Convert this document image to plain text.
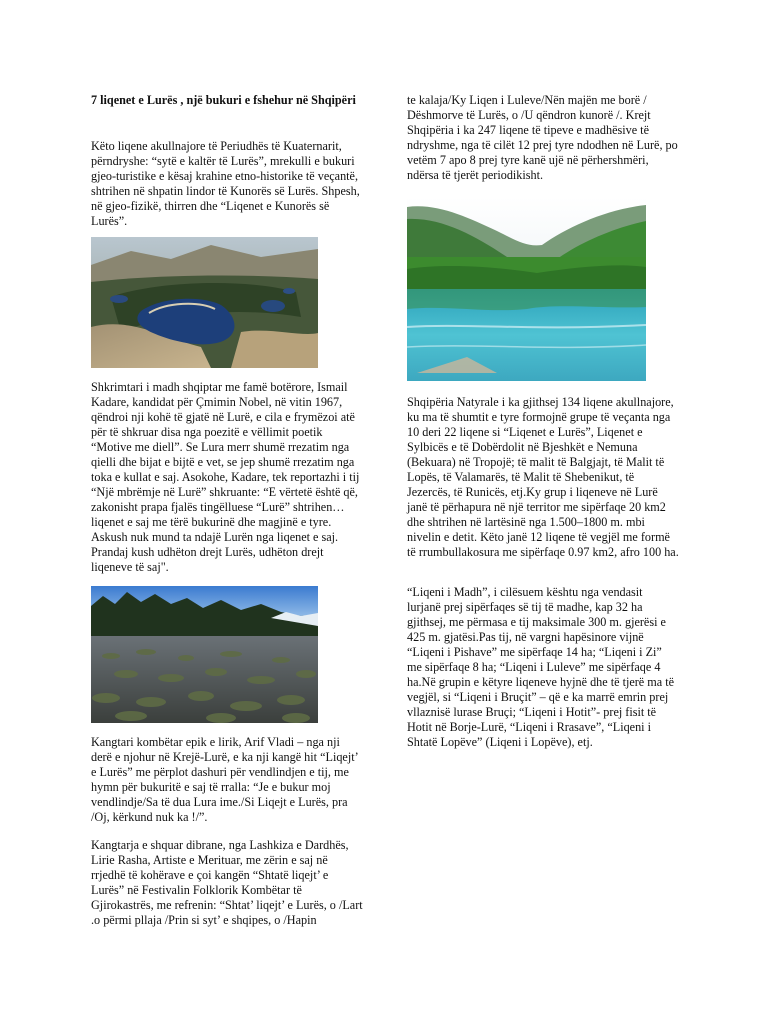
7 liqenet e Lurës , një bukuri e fshehur në Shqipëri

Këto liqene akullnajore të Periudhës të Kuaternarit, përndryshe: “sytë e kaltër të Lurës”, mrekulli e bukuri gjeo-turistike e kësaj krahine etno-historike të veçantë, shtrihen në shpatin lindor të Kunorës së Lurës. Shpesh, në gjeo-fizikë, thirren dhe “Liqenet e Kunorës së Lurës”.

Shkrimtari i madh shqiptar me famë botërore, Ismail Kadare, kandidat për Çmimin Nobel, në vitin 1967, qëndroi nji kohë të gjatë në Lurë, e cila e frymëzoi atë për të shkruar disa nga poezitë e vëllimit poetik “Motive me diell”. Se Lura merr shumë rrezatim nga qielli dhe bijat e bijtë e vet, se jep shumë rrezatim nga toka e kullat e saj. Asokohe, Kadare, tek reportazhi i tij “Një mbrëmje në Lurë” shkruante: “E vërtetë është që, zakonisht prapa fjalës tingëlluese “Lurë” shtrihen…liqenet e saj me tërë bukurinë dhe magjinë e tyre. Askush nuk mund ta ndajë Lurën nga liqenet e saj. Prandaj kush udhëton drejt Lurës, udhëton drejt liqeneve të saj".

Kangtari kombëtar epik e lirik, Arif Vladi – nga nji derë e njohur në Krejë-Lurë, e ka nji kangë hit “Liqejt’ e Lurës” me përplot dashuri për vendlindjen e tij, me hymn për bukuritë e saj të rralla: “Je e bukur moj vendlindje/Sa të dua Lura ime./Si Liqejt e Lurës, pra /Oj, kërkund nuk ka !/”.

Kangtarja e shquar dibrane, nga Lashkiza e Dardhës, Lirie Rasha, Artiste e Merituar, me zërin e saj në rrjedhë të kohërave e çoi kangën “Shtatë liqejt’ e Lurës” në Festivalin Folklorik Kombëtar të Gjirokastrës, me refrenin: “Shtat’ liqejt’ e Lurës, o /Lart .o përmi pllaja /Prin si syt’ e shqipes, o /Hapin

te kalaja/Ky Liqen i Luleve/Nën majën me borë / Dëshmorve të Lurës, o /U qëndron kunorë /. Krejt Shqipëria i ka 247 liqene të tipeve e madhësive të ndryshme, nga të cilët 12 prej tyre ndodhen në Lurë, po vetëm 7 apo 8 prej tyre kanë ujë në përhershmëri, ndërsa të tjerët periodikisht.

Shqipëria Natyrale i ka gjithsej 134 liqene akullnajore, ku ma të shumtit e tyre formojnë grupe të veçanta nga 10 deri 22 liqene si “Liqenet e Lurës”, Liqenet e Sylbicës e të Dobërdolit në Bjeshkët e Nemuna (Bekuara) në Tropojë; të malit të Balgjajt, të Malit të Lopës, të Valamarës, të Malit të Shebenikut, të Jezercës, të Runicës, etj.Ky grup i liqeneve në Lurë janë të përhapura në një territor me sipërfaqe 20 km2 dhe shtrihen në lartësinë nga 1.500–1800 m. mbi nivelin e detit. Këto janë 12 liqene të vegjël me formë të rrumbullakosura me sipërfaqe 0.97 km2, afro 100 ha.

“Liqeni i Madh”, i cilësuem kështu nga vendasit lurjanë prej sipërfaqes së tij të madhe, kap 32 ha gjithsej, me përmasa e tij maksimale 300 m. gjerësi e 425 m. gjatësi.Pas tij, në vargni hapësinore vijnë “Liqeni i Pishave” me sipërfaqe 14 ha; “Liqeni i Zi” me sipërfaqe 8 ha; “Liqeni i Luleve” me sipërfaqe 4 ha.Në grupin e këtyre liqeneve hyjnë dhe të tjerë ma të vegjël, si “Liqeni i Bruçit” – që e ka marrë emrin prej vllaznisë lurase Bruçi; “Liqeni i Hotit”- prej fisit të Hotit në Borje-Lurë, “Liqeni i Rrasave”, “Liqeni i Shtatë Lopëve” (Liqeni i Lopëve), etj.
